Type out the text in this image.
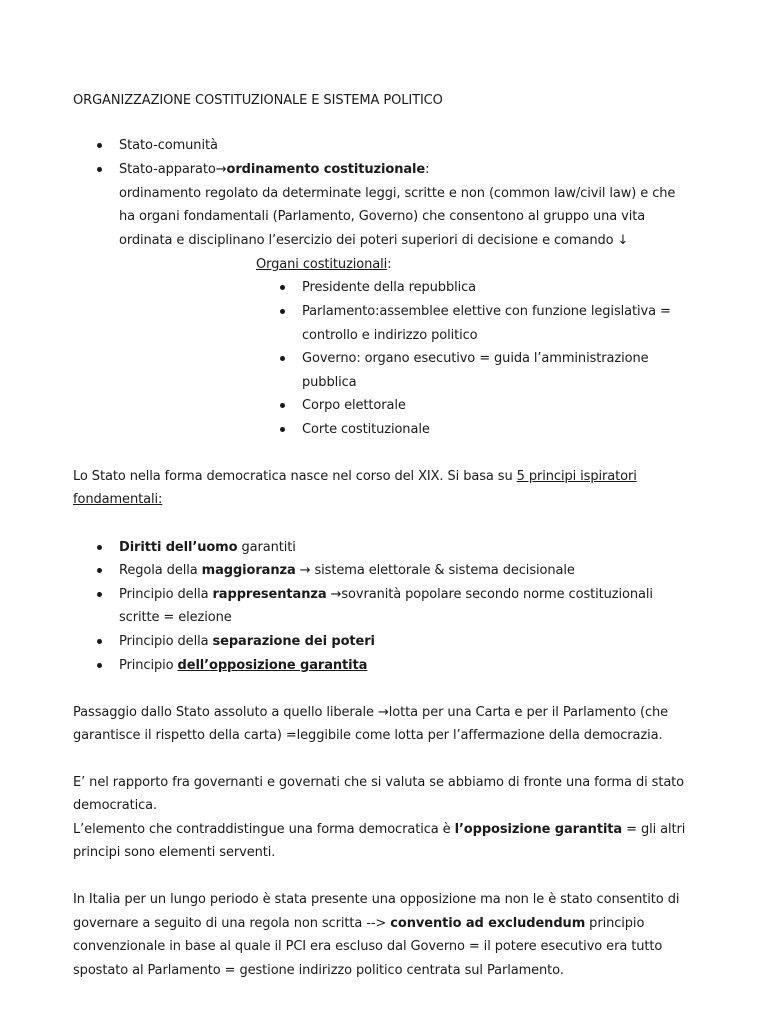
ORGANIZZAZIONE COSTITUZIONALE E SISTEMA POLITICO
Stato-comunità
Stato-apparato→ordinamento costituzionale:
ordinamento regolato da determinate leggi, scritte e non (common law/civil law) e che
ha organi fondamentali (Parlamento, Governo) che consentono al gruppo una vita
ordinata e disciplinano l’esercizio dei poteri superiori di decisione e comando ↓
Organi costituzionali:
Presidente della repubblica
Parlamento:assemblee elettive con funzione legislativa =
controllo e indirizzo politico
Governo: organo esecutivo = guida l’amministrazione
pubblica
Corpo elettorale
Corte costituzionale
Lo Stato nella forma democratica nasce nel corso del XIX. Si basa su 5 principi ispiratori
fondamentali:
Diritti dell’uomo garantiti
Regola della maggioranza → sistema elettorale & sistema decisionale
Principio della rappresentanza →sovranità popolare secondo norme costituzionali
scritte = elezione
Principio della separazione dei poteri
Principio dell’opposizione garantita
Passaggio dallo Stato assoluto a quello liberale →lotta per una Carta e per il Parlamento (che
garantisce il rispetto della carta) =leggibile come lotta per l’affermazione della democrazia.
E’ nel rapporto fra governanti e governati che si valuta se abbiamo di fronte una forma di stato
democratica.
L’elemento che contraddistingue una forma democratica è l’opposizione garantita = gli altri
principi sono elementi serventi.
In Italia per un lungo periodo è stata presente una opposizione ma non le è stato consentito di
governare a seguito di una regola non scritta --> conventio ad excludendum principio
convenzionale in base al quale il PCI era escluso dal Governo = il potere esecutivo era tutto
spostato al Parlamento = gestione indirizzo politico centrata sul Parlamento.
